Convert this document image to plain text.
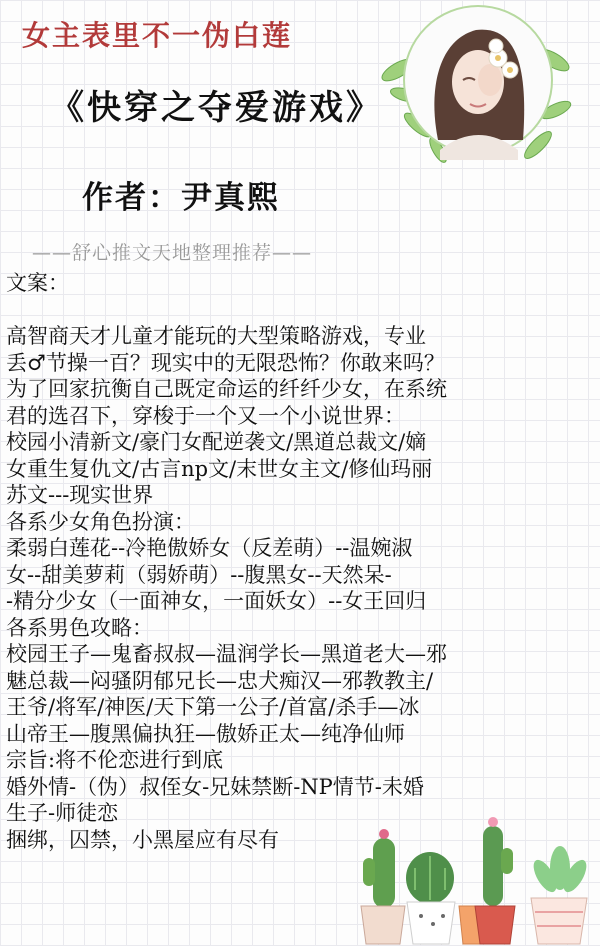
女主表里不一伪白莲
《快穿之夺爱游戏》
作者：尹真熙
——舒心推文天地整理推荐——
文案：
高智商天才儿童才能玩的大型策略游戏，专业
丢♂节操一百？现实中的无限恐怖？你敢来吗？
为了回家抗衡自己既定命运的纤纤少女，在系统
君的选召下，穿梭于一个又一个小说世界：
校园小清新文/豪门女配逆袭文/黑道总裁文/嫡
女重生复仇文/古言np文/末世女主文/修仙玛丽
苏文---现实世界
各系少女角色扮演：
柔弱白莲花--冷艳傲娇女（反差萌）--温婉淑
女--甜美萝莉（弱娇萌）--腹黑女--天然呆-
-精分少女（一面神女，一面妖女）--女王回归
各系男色攻略：
校园王子—鬼畜叔叔—温润学长—黑道老大—邪
魅总裁—闷骚阴郁兄长—忠犬痴汉—邪教教主/
王爷/将军/神医/天下第一公子/首富/杀手—冰
山帝王—腹黑偏执狂—傲娇正太—纯净仙师
宗旨:将不伦恋进行到底
婚外情-（伪）叔侄女-兄妹禁断-NP情节-未婚
生子-师徒恋
捆绑，囚禁，小黑屋应有尽有
